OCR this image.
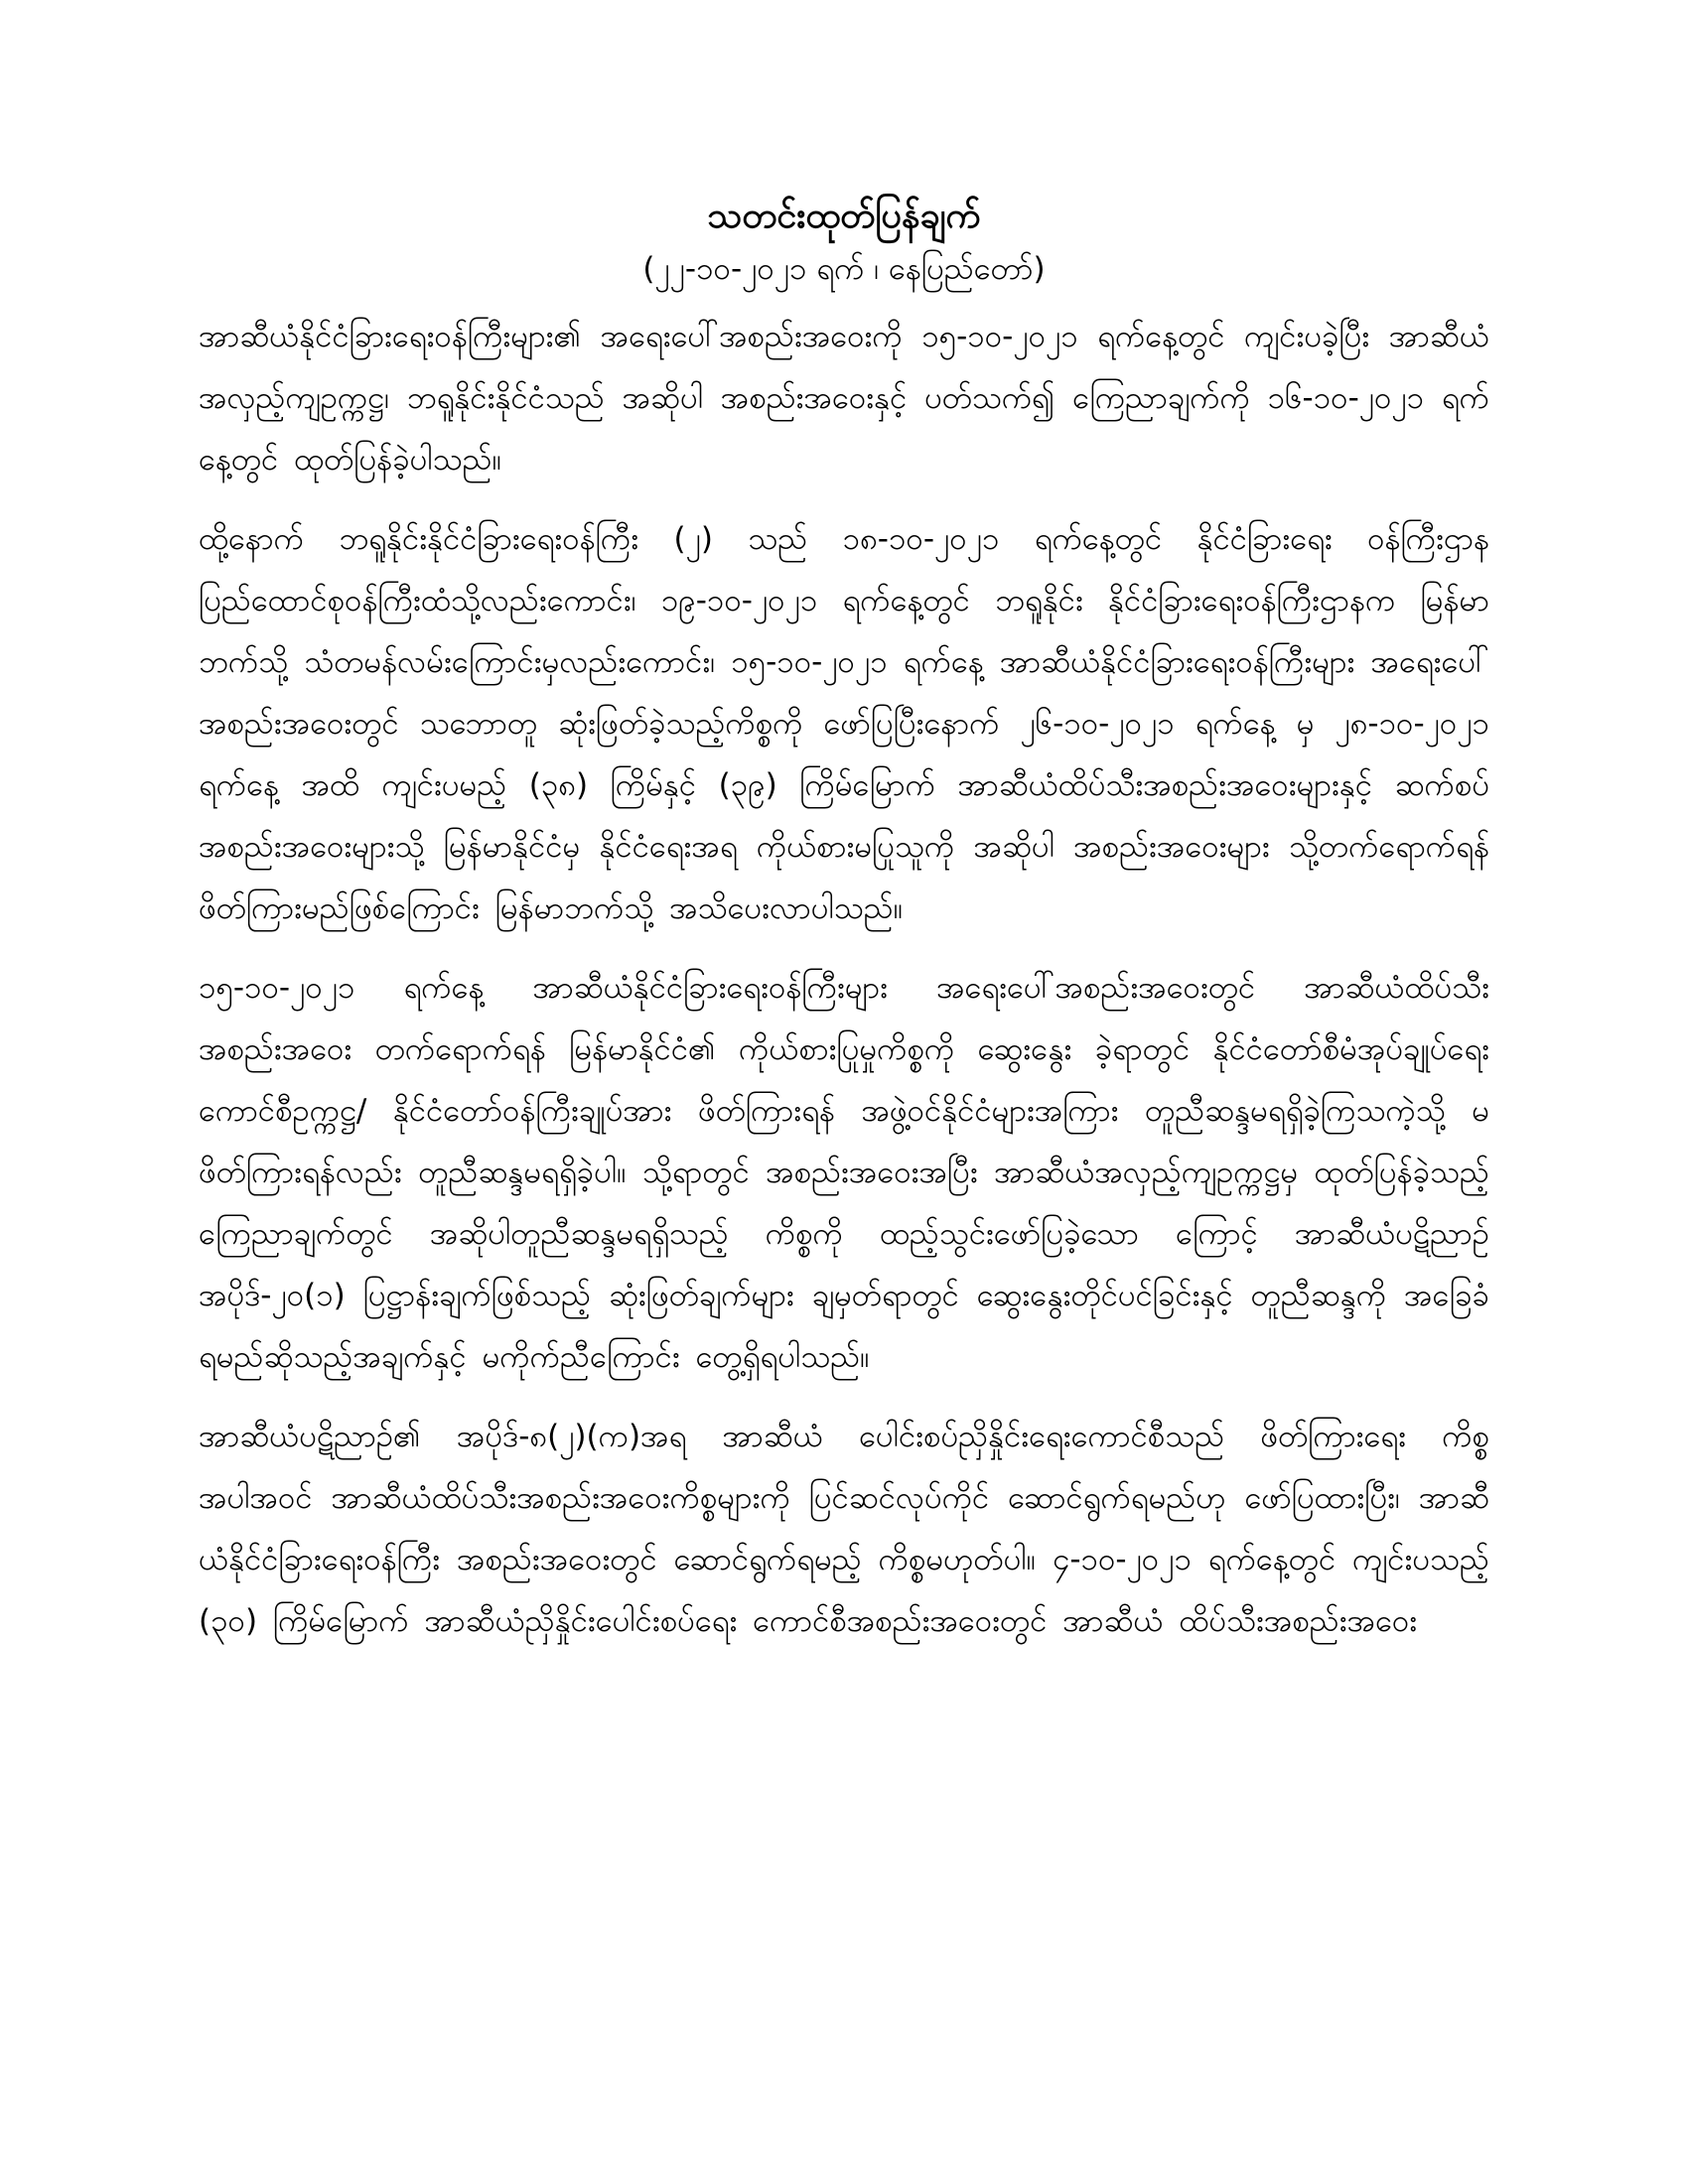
သတင်းထုတ်ပြန်ချက်
(၂၂-၁၀-၂၀၂၁ ရက် ၊ နေပြည်တော်)

အာဆီယံနိုင်ငံခြားရေးဝန်ကြီးများ၏ အရေးပေါ်အစည်းအဝေးကို ၁၅-၁၀-၂၀၂၁ ရက်နေ့တွင် ကျင်းပခဲ့ပြီး အာဆီယံအလှည့်ကျဥက္ကဋ္ဌ၊ ဘရူနိုင်းနိုင်ငံသည် အဆိုပါ အစည်းအဝေးနှင့် ပတ်သက်၍ ကြေညာချက်ကို ၁၆-၁၀-၂၀၂၁ ရက်နေ့တွင် ထုတ်ပြန်ခဲ့ပါသည်။

ထို့နောက် ဘရူနိုင်းနိုင်ငံခြားရေးဝန်ကြီး (၂) သည် ၁၈-၁၀-၂၀၂၁ ရက်နေ့တွင် နိုင်ငံခြားရေး ဝန်ကြီးဌာန ပြည်ထောင်စုဝန်ကြီးထံသို့လည်းကောင်း၊ ၁၉-၁၀-၂၀၂၁ ရက်နေ့တွင် ဘရူနိုင်း နိုင်ငံခြားရေးဝန်ကြီးဌာနက မြန်မာဘက်သို့ သံတမန်လမ်းကြောင်းမှလည်းကောင်း၊ ၁၅-၁၀-၂၀၂၁ ရက်နေ့ အာဆီယံနိုင်ငံခြားရေးဝန်ကြီးများ အရေးပေါ်အစည်းအဝေးတွင် သဘောတူ ဆုံးဖြတ်ခဲ့သည့်ကိစ္စကို ဖော်ပြပြီးနောက် ၂၆-၁၀-၂၀၂၁ ရက်နေ့ မှ ၂၈-၁၀-၂၀၂၁ ရက်နေ့ အထိ ကျင်းပမည့် (၃၈) ကြိမ်နှင့် (၃၉) ကြိမ်မြောက် အာဆီယံထိပ်သီးအစည်းအဝေးများနှင့် ဆက်စပ် အစည်းအဝေးများသို့ မြန်မာနိုင်ငံမှ နိုင်ငံရေးအရ ကိုယ်စားမပြုသူကို အဆိုပါ အစည်းအဝေးများ သို့တက်ရောက်ရန် ဖိတ်ကြားမည်ဖြစ်ကြောင်း မြန်မာဘက်သို့ အသိပေးလာပါသည်။

၁၅-၁၀-၂၀၂၁ ရက်နေ့ အာဆီယံနိုင်ငံခြားရေးဝန်ကြီးများ အရေးပေါ်အစည်းအဝေးတွင် အာဆီယံထိပ်သီးအစည်းအဝေး တက်ရောက်ရန် မြန်မာနိုင်ငံ၏ ကိုယ်စားပြုမှုကိစ္စကို ဆွေးနွေး ခဲ့ရာတွင် နိုင်ငံတော်စီမံအုပ်ချုပ်ရေးကောင်စီဥက္ကဋ္ဌ/ နိုင်ငံတော်ဝန်ကြီးချုပ်အား ဖိတ်ကြားရန် အဖွဲ့ဝင်နိုင်ငံများအကြား တူညီဆန္ဒမရရှိခဲ့ကြသကဲ့သို့ မဖိတ်ကြားရန်လည်း တူညီဆန္ဒမရရှိခဲ့ပါ။ သို့ရာတွင် အစည်းအဝေးအပြီး အာဆီယံအလှည့်ကျဥက္ကဋ္ဌမှ ထုတ်ပြန်ခဲ့သည့် ကြေညာချက်တွင် အဆိုပါတူညီဆန္ဒမရရှိသည့် ကိစ္စကို ထည့်သွင်းဖော်ပြခဲ့သော ကြောင့် အာဆီယံပဋိညာဉ် အပိုဒ်-၂၀(၁) ပြဋ္ဌာန်းချက်ဖြစ်သည့် ဆုံးဖြတ်ချက်များ ချမှတ်ရာတွင် ဆွေးနွေးတိုင်ပင်ခြင်းနှင့် တူညီဆန္ဒကို အခြေခံရမည်ဆိုသည့်အချက်နှင့် မကိုက်ညီကြောင်း တွေ့ရှိရပါသည်။

အာဆီယံပဋိညာဉ်၏ အပိုဒ်-၈(၂)(က)အရ အာဆီယံ ပေါင်းစပ်ညှိနှိုင်းရေးကောင်စီသည် ဖိတ်ကြားရေး ကိစ္စအပါအဝင် အာဆီယံထိပ်သီးအစည်းအဝေးကိစ္စများကို ပြင်ဆင်လုပ်ကိုင် ဆောင်ရွက်ရမည်ဟု ဖော်ပြထားပြီး၊ အာဆီယံနိုင်ငံခြားရေးဝန်ကြီး အစည်းအဝေးတွင် ဆောင်ရွက်ရမည့် ကိစ္စမဟုတ်ပါ။ ၄-၁၀-၂၀၂၁ ရက်နေ့တွင် ကျင်းပသည့် (၃၀) ကြိမ်မြောက် အာဆီယံညှိနှိုင်းပေါင်းစပ်ရေး ကောင်စီအစည်းအဝေးတွင် အာဆီယံ ထိပ်သီးအစည်းအဝေး
